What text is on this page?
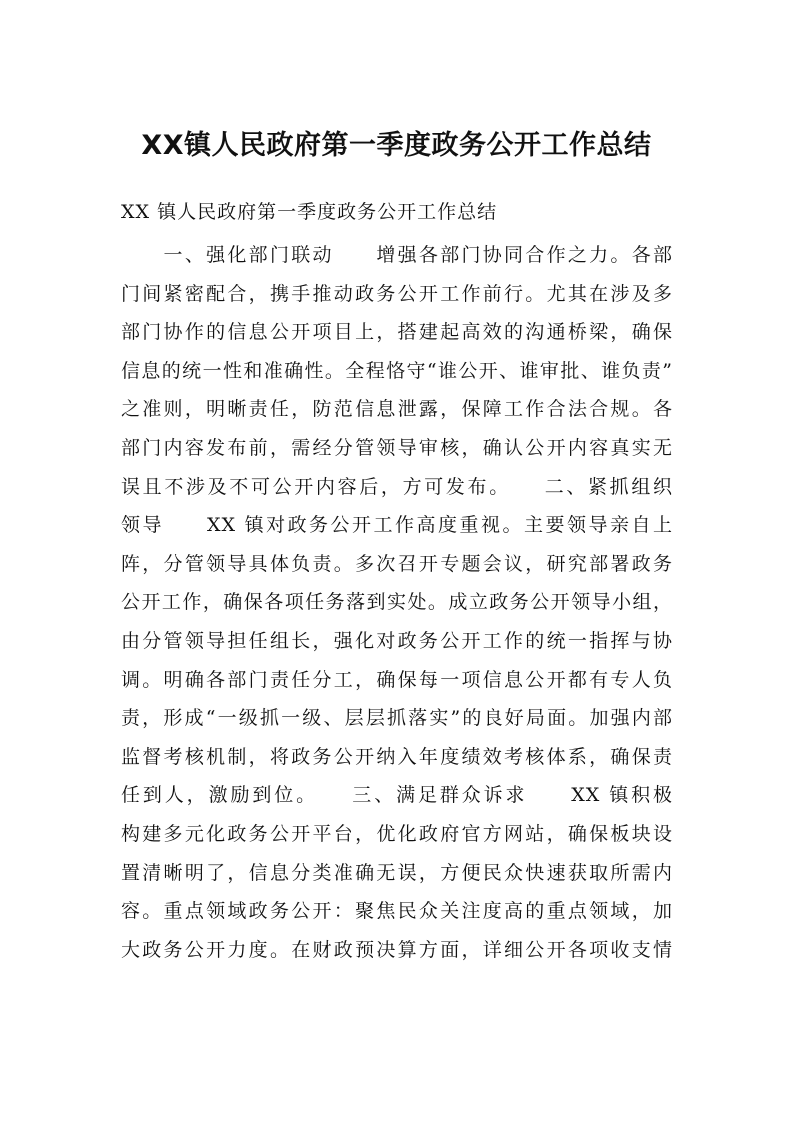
XX镇人民政府第一季度政务公开工作总结
XX 镇人民政府第一季度政务公开工作总结
　　一、强化部门联动　　增强各部门协同合作之力。各部
门间紧密配合，携手推动政务公开工作前行。尤其在涉及多
部门协作的信息公开项目上，搭建起高效的沟通桥梁，确保
信息的统一性和准确性。全程恪守“谁公开、谁审批、谁负责”
之准则，明晰责任，防范信息泄露，保障工作合法合规。各
部门内容发布前，需经分管领导审核，确认公开内容真实无
误且不涉及不可公开内容后，方可发布。　　二、紧抓组织
领导　　XX 镇对政务公开工作高度重视。主要领导亲自上
阵，分管领导具体负责。多次召开专题会议，研究部署政务
公开工作，确保各项任务落到实处。成立政务公开领导小组，
由分管领导担任组长，强化对政务公开工作的统一指挥与协
调。明确各部门责任分工，确保每一项信息公开都有专人负
责，形成“一级抓一级、层层抓落实”的良好局面。加强内部
监督考核机制，将政务公开纳入年度绩效考核体系，确保责
任到人，激励到位。　　三、满足群众诉求　　XX 镇积极
构建多元化政务公开平台，优化政府官方网站，确保板块设
置清晰明了，信息分类准确无误，方便民众快速获取所需内
容。重点领域政务公开：聚焦民众关注度高的重点领域，加
大政务公开力度。在财政预决算方面，详细公开各项收支情
